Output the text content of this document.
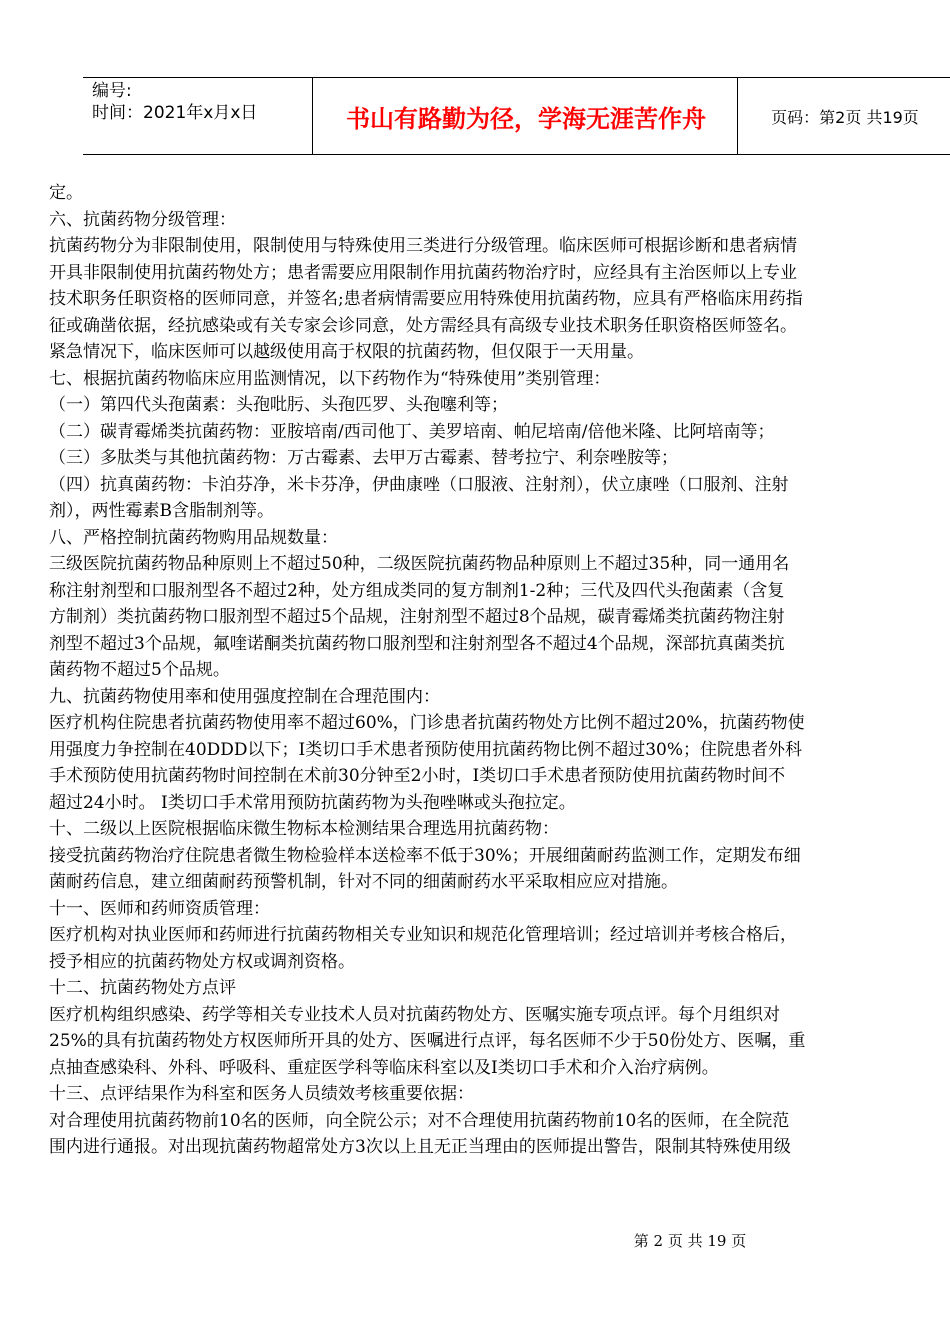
编号:
时间：2021年x月x日	书山有路勤为径，学海无涯苦作舟	页码：第2页 共19页
定。
六、抗菌药物分级管理：
抗菌药物分为非限制使用，限制使用与特殊使用三类进行分级管理。临床医师可根据诊断和患者病情
开具非限制使用抗菌药物处方；患者需要应用限制作用抗菌药物治疗时，应经具有主治医师以上专业
技术职务任职资格的医师同意，并签名;患者病情需要应用特殊使用抗菌药物，应具有严格临床用药指
征或确凿依据，经抗感染或有关专家会诊同意，处方需经具有高级专业技术职务任职资格医师签名。
紧急情况下，临床医师可以越级使用高于权限的抗菌药物，但仅限于一天用量。
七、根据抗菌药物临床应用监测情况，以下药物作为“特殊使用”类别管理：
（一）第四代头孢菌素：头孢吡肟、头孢匹罗、头孢噻利等；
（二）碳青霉烯类抗菌药物：亚胺培南/西司他丁、美罗培南、帕尼培南/倍他米隆、比阿培南等；
（三）多肽类与其他抗菌药物：万古霉素、去甲万古霉素、替考拉宁、利奈唑胺等；
（四）抗真菌药物：卡泊芬净，米卡芬净，伊曲康唑（口服液、注射剂），伏立康唑（口服剂、注射
剂），两性霉素B含脂制剂等。
八、严格控制抗菌药物购用品规数量：
三级医院抗菌药物品种原则上不超过50种，二级医院抗菌药物品种原则上不超过35种，同一通用名
称注射剂型和口服剂型各不超过2种，处方组成类同的复方制剂1-2种；三代及四代头孢菌素（含复
方制剂）类抗菌药物口服剂型不超过5个品规，注射剂型不超过8个品规，碳青霉烯类抗菌药物注射
剂型不超过3个品规，氟喹诺酮类抗菌药物口服剂型和注射剂型各不超过4个品规，深部抗真菌类抗
菌药物不超过5个品规。
九、抗菌药物使用率和使用强度控制在合理范围内：
医疗机构住院患者抗菌药物使用率不超过60%，门诊患者抗菌药物处方比例不超过20%，抗菌药物使
用强度力争控制在40DDD以下；I类切口手术患者预防使用抗菌药物比例不超过30%；住院患者外科
手术预防使用抗菌药物时间控制在术前30分钟至2小时，I类切口手术患者预防使用抗菌药物时间不
超过24小时。 I类切口手术常用预防抗菌药物为头孢唑啉或头孢拉定。
十、二级以上医院根据临床微生物标本检测结果合理选用抗菌药物：
接受抗菌药物治疗住院患者微生物检验样本送检率不低于30%；开展细菌耐药监测工作，定期发布细
菌耐药信息，建立细菌耐药预警机制，针对不同的细菌耐药水平采取相应应对措施。
十一、医师和药师资质管理：
医疗机构对执业医师和药师进行抗菌药物相关专业知识和规范化管理培训；经过培训并考核合格后，
授予相应的抗菌药物处方权或调剂资格。
十二、抗菌药物处方点评
医疗机构组织感染、药学等相关专业技术人员对抗菌药物处方、医嘱实施专项点评。每个月组织对
25%的具有抗菌药物处方权医师所开具的处方、医嘱进行点评，每名医师不少于50份处方、医嘱，重
点抽查感染科、外科、呼吸科、重症医学科等临床科室以及I类切口手术和介入治疗病例。
十三、点评结果作为科室和医务人员绩效考核重要依据：
对合理使用抗菌药物前10名的医师，向全院公示；对不合理使用抗菌药物前10名的医师，在全院范
围内进行通报。对出现抗菌药物超常处方3次以上且无正当理由的医师提出警告，限制其特殊使用级
第 2 页 共 19 页
